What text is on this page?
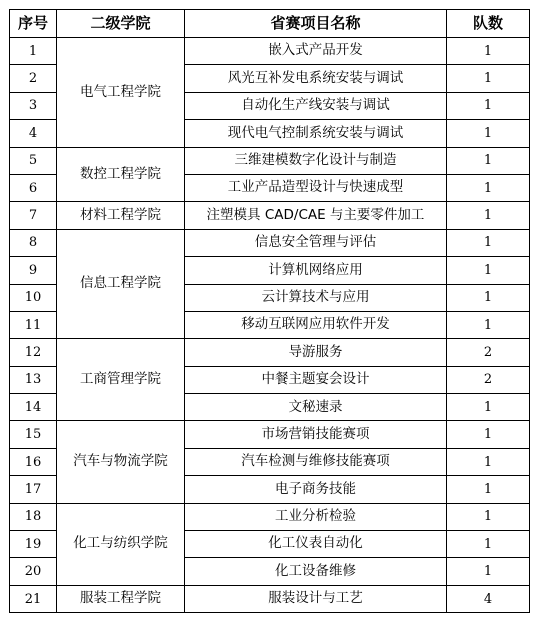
序号	二级学院	省赛项目名称	队数
1	电气工程学院	嵌入式产品开发	1
2		风光互补发电系统安装与调试	1
3		自动化生产线安装与调试	1
4		现代电气控制系统安装与调试	1
5	数控工程学院	三维建模数字化设计与制造	1
6		工业产品造型设计与快速成型	1
7	材料工程学院	注塑模具 CAD/CAE 与主要零件加工	1
8	信息工程学院	信息安全管理与评估	1
9		计算机网络应用	1
10		云计算技术与应用	1
11		移动互联网应用软件开发	1
12	工商管理学院	导游服务	2
13		中餐主题宴会设计	2
14		文秘速录	1
15	汽车与物流学院	市场营销技能赛项	1
16		汽车检测与维修技能赛项	1
17		电子商务技能	1
18	化工与纺织学院	工业分析检验	1
19		化工仪表自动化	1
20		化工设备维修	1
21	服装工程学院	服装设计与工艺	4
